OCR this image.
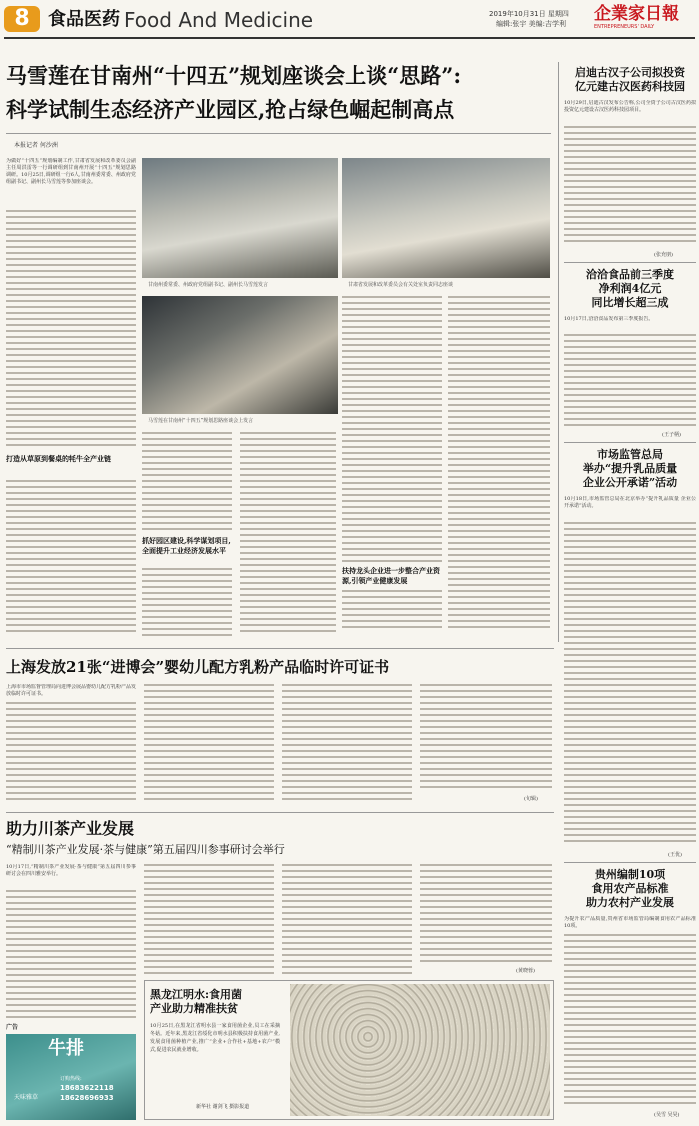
8	食品医药 Food And Medicine	2019年10月31日 星期四
编辑:张宇 美编:吉学利 企業家日報
ENTREPRENEURS' DAILY
马雪莲在甘南州“十四五”规划座谈会上谈“思路”:
科学试制生态经济产业园区,抢占绿色崛起制高点
本报记者 何沙洲
为做好“十四五”规划编制工作,甘肃省发展和改革委员会副主任周洪雷等一行调研组到甘南州开展“十四五”规划思路调研。10月25日,调研组一行6人,甘南州委常委、州政府党组副书记、副州长马雪莲等参加座谈会。
打造从草原到餐桌的牦牛全产业链
甘南州委常委、州政府党组副书记、副州长马雪莲发言	甘肃省发展和改革委员会有关处室负责同志座谈
马雪莲在甘南州“十四五”规划思路座谈会上发言
抓好园区建设,科学谋划项目,全面提升工业经济发展水平
扶持龙头企业进一步整合产业资源,引领产业健康发展
启迪古汉子公司拟投资
亿元建古汉医药科技园
10月29日,启迪古汉发布公告称,公司全资子公司古汉医药拟投资亿元建设古汉医药科技园项目。
(张充朋)
洽洽食品前三季度
净利润4亿元
同比增长超三成
10月17日,洽洽食品发布第三季度报告。
(王子柄)
市场监管总局
举办“提升乳品质量
企业公开承诺”活动
10月18日,市场监管总局在北京举办“提升乳品质量 企业公开承诺”活动。
(王优)
贵州编制10项
食用农产品标准
助力农村产业发展
为提升农产品质量,贵州省市场监管局编制食用农产品标准10项。
(吴雪 吴昊)
上海发放21张“进博会”婴幼儿配方乳粉产品临时许可证书
上海市市场监督管理局向进博会展品婴幼儿配方乳粉产品发放临时许可证书。
(旬辑)
助力川茶产业发展
“精制川茶产业发展·茶与健康”第五届四川参事研讨会举行
10月17日,“精制川茶产业发展·茶与健康”第五届四川参事研讨会在四川雅安举行。
(黄晓蓉)
黑龙江明水:食用菌
产业助力精准扶贫
10月25日,在黑龙江省明水县一家食用菌企业,员工在采摘冬菇。近年来,黑龙江省绥化市明水县积极扶持食用菌产业,发展食用菌种植产业,推广“企业+合作社+基地+农户”模式,促进农民就业增收。
新华社 谢剑飞 摄影报道
广告
牛排
天味雅草
订购热线:
18683622118
18628696933
